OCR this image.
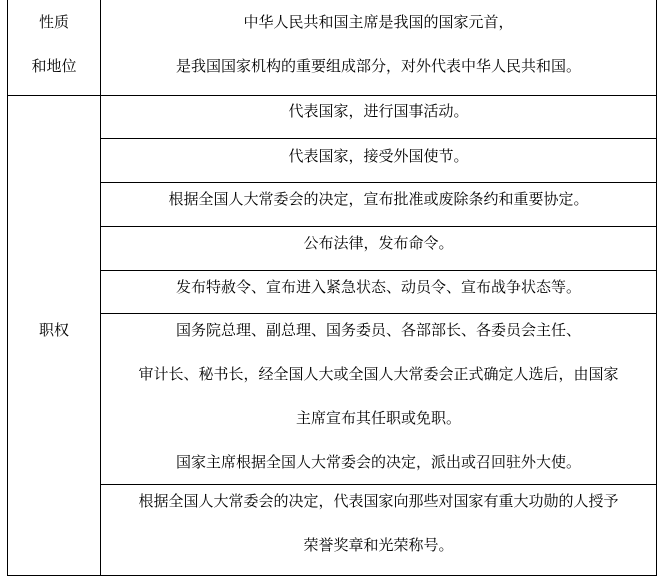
性质
和地位
中华人民共和国主席是我国的国家元首，
是我国国家机构的重要组成部分，对外代表中华人民共和国。
职权
代表国家，进行国事活动。
代表国家，接受外国使节。
根据全国人大常委会的决定，宣布批准或废除条约和重要协定。
公布法律，发布命令。
发布特赦令、宣布进入紧急状态、动员令、宣布战争状态等。
国务院总理、副总理、国务委员、各部部长、各委员会主任、
审计长、秘书长，经全国人大或全国人大常委会正式确定人选后，由国家
主席宣布其任职或免职。
国家主席根据全国人大常委会的决定，派出或召回驻外大使。
根据全国人大常委会的决定，代表国家向那些对国家有重大功勋的人授予
荣誉奖章和光荣称号。
